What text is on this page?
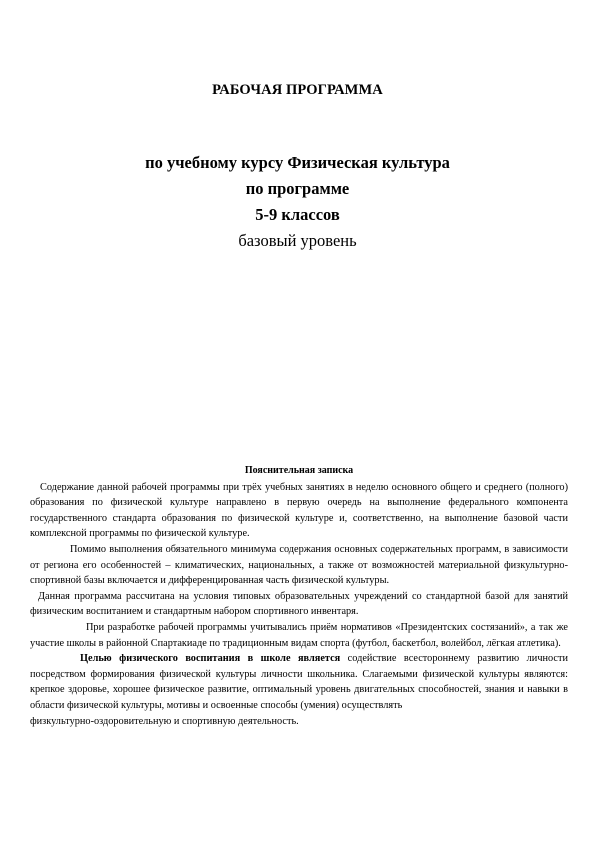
РАБОЧАЯ ПРОГРАММА
по учебному курсу Физическая культура
по программе
5-9 классов
базовый уровень
Пояснительная записка

Содержание данной рабочей программы при трёх учебных занятиях в неделю основного общего и среднего (полного) образования по физической культуре направлено в первую очередь на выполнение федерального компонента государственного стандарта образования по физической культуре и, соответственно, на выполнение базовой части комплексной программы по физической культуре.

Помимо выполнения обязательного минимума содержания основных содержательных программ, в зависимости от региона его особенностей – климатических, национальных, а также от возможностей материальной физкультурно-спортивной базы включается и дифференцированная часть физической культуры.

Данная программа рассчитана на условия типовых образовательных учреждений со стандартной базой для занятий физическим воспитанием и стандартным набором спортивного инвентаря.

При разработке рабочей программы учитывались приём нормативов «Президентских состязаний», а так же участие школы в районной Спартакиаде по традиционным видам спорта (футбол, баскетбол, волейбол, лёгкая атлетика).

Целью физического воспитания в школе является содействие всестороннему развитию личности посредством формирования физической культуры личности школьника. Слагаемыми физической культуры являются: крепкое здоровье, хорошее физическое развитие, оптимальный уровень двигательных способностей, знания и навыки в области физической культуры, мотивы и освоенные способы (умения) осуществлять

физкультурно-оздоровительную и спортивную деятельность.
